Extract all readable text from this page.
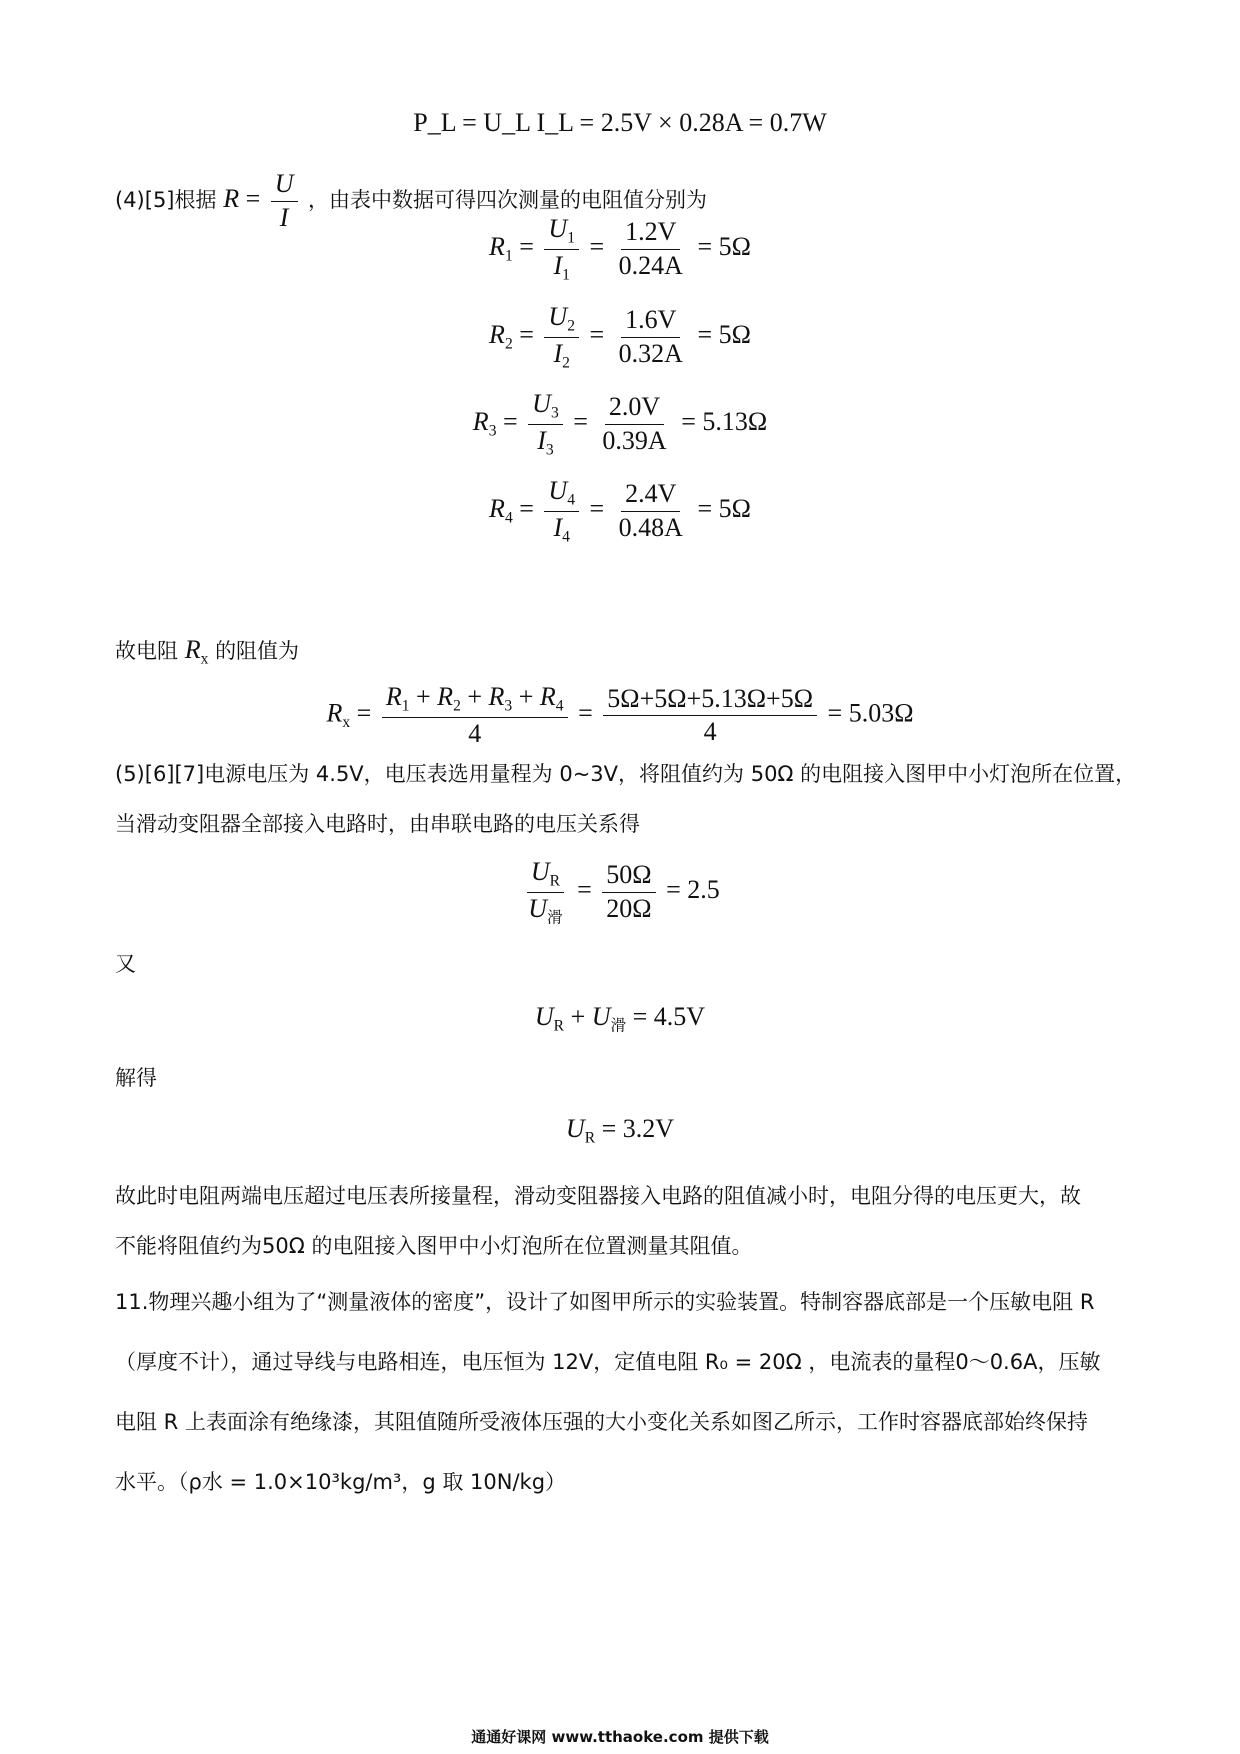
P_L = U_L I_L = 2.5V × 0.28A = 0.7W
(4)[5]根据 $R = \frac{U}{I}$ ，由表中数据可得四次测量的电阻值分别为
$R_1 = \frac{U_1}{I_1} = \frac{1.2V}{0.24A} = 5\Omega$
$R_2 = \frac{U_2}{I_2} = \frac{1.6V}{0.32A} = 5\Omega$
$R_3 = \frac{U_3}{I_3} = \frac{2.0V}{0.39A} = 5.13\Omega$
$R_4 = \frac{U_4}{I_4} = \frac{2.4V}{0.48A} = 5\Omega$
故电阻 $R_x$ 的阻值为
$R_x = \frac{R_1 + R_2 + R_3 + R_4}{4} = \frac{5\Omega+5\Omega+5.13\Omega+5\Omega}{4} = 5.03\Omega$
(5)[6][7]电源电压为 4.5V，电压表选用量程为 0~3V，将阻值约为 50Ω 的电阻接入图甲中小灯泡所在位置，
当滑动变阻器全部接入电路时，由串联电路的电压关系得
$\frac{U_R}{U_滑} = \frac{50\Omega}{20\Omega} = 2.5$
又
$U_R + U_滑 = 4.5V$
解得
$U_R = 3.2V$
故此时电阻两端电压超过电压表所接量程，滑动变阻器接入电路的阻值减小时，电阻分得的电压更大，故
不能将阻值约为50Ω 的电阻接入图甲中小灯泡所在位置测量其阻值。
11.物理兴趣小组为了“测量液体的密度”，设计了如图甲所示的实验装置。特制容器底部是一个压敏电阻 R
（厚度不计），通过导线与电路相连，电压恒为 12V，定值电阻 R₀ = 20Ω ，电流表的量程0～0.6A，压敏
电阻 R 上表面涂有绝缘漆，其阻值随所受液体压强的大小变化关系如图乙所示，工作时容器底部始终保持
水平。（ρ水 = 1.0×10³kg/m³，g 取 10N/kg）
通通好课网 www.tthaoke.com 提供下载
